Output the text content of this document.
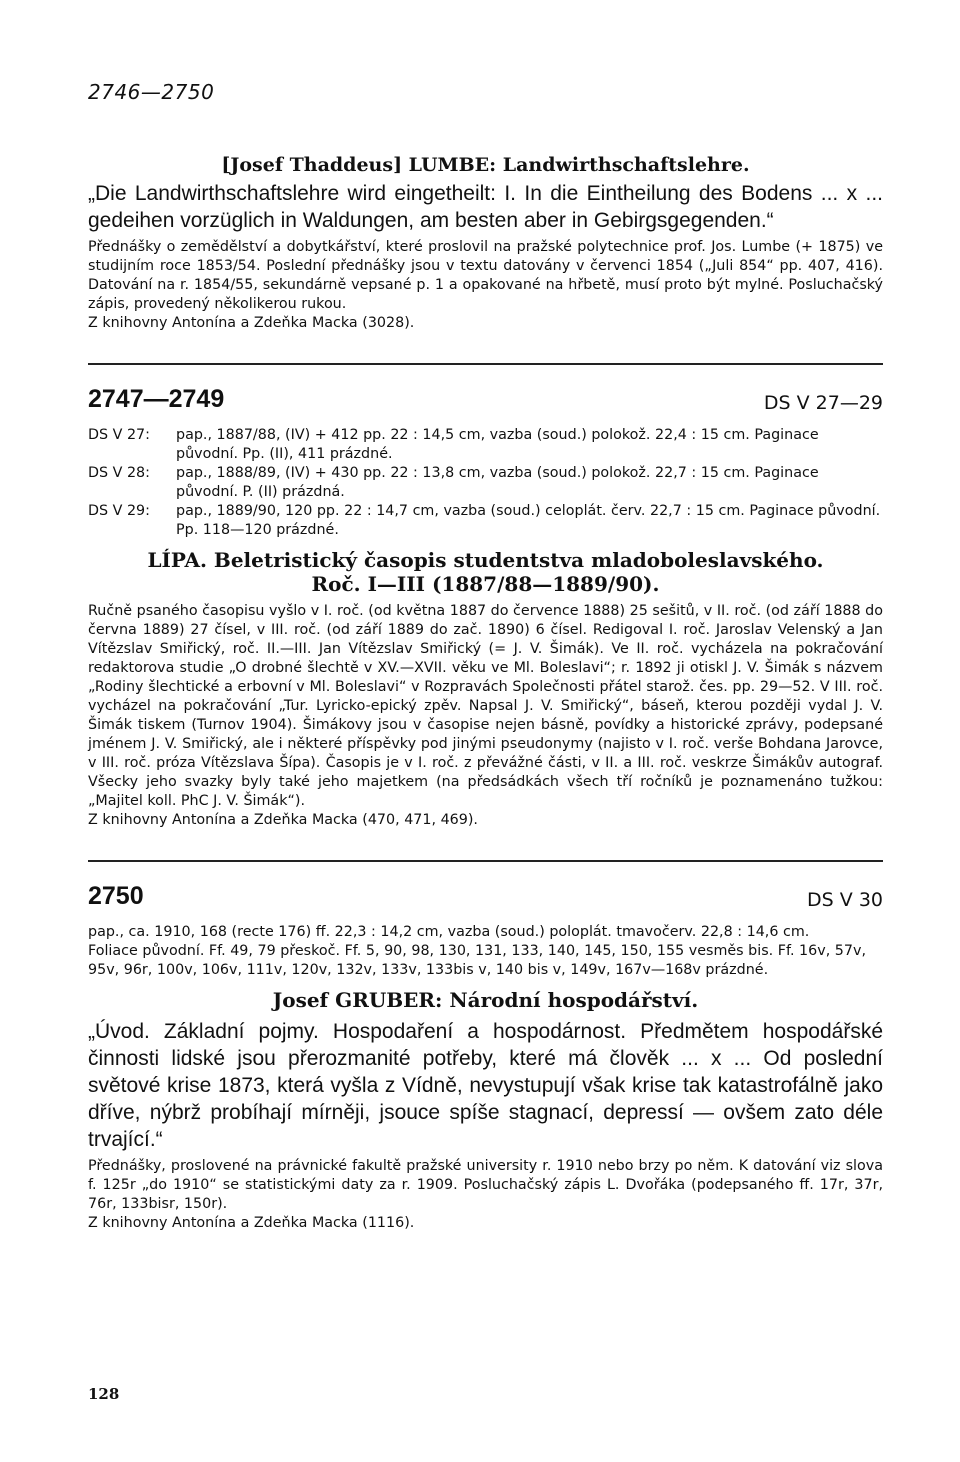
2746—2750

[Josef Thaddeus] LUMBE: Landwirthschaftslehre.

„Die Landwirthschaftslehre wird eingetheilt: I. In die Eintheilung des Bodens ... x ... gedeihen vorzüglich in Waldungen, am besten aber in Gebirgsgegenden.“

Přednášky o zemědělství a dobytkářství, které proslovil na pražské polytechnice prof. Jos. Lumbe (+ 1875) ve studijním roce 1853/54. Poslední přednášky jsou v textu datovány v červenci 1854 („Juli 854“ pp. 407, 416). Datování na r. 1854/55, sekundárně vepsané p. 1 a opakované na hřbetě, musí proto být mylné. Posluchačský zápis, provedený několikerou rukou.

Z knihovny Antonína a Zdeňka Macka (3028).

2747—2749	DS V 27—29
DS V 27:	pap., 1887/88, (IV) + 412 pp. 22 : 14,5 cm, vazba (soud.) polokož. 22,4 : 15 cm. Paginace původní. Pp. (II), 411 prázdné.
DS V 28:	pap., 1888/89, (IV) + 430 pp. 22 : 13,8 cm, vazba (soud.) polokož. 22,7 : 15 cm. Paginace původní. P. (II) prázdná.
DS V 29:	pap., 1889/90, 120 pp. 22 : 14,7 cm, vazba (soud.) celoplát. červ. 22,7 : 15 cm. Paginace původní. Pp. 118—120 prázdné.
LÍPA. Beletristický časopis studentstva mladoboleslavského.
Roč. I—III (1887/88—1889/90).

Ručně psaného časopisu vyšlo v I. roč. (od května 1887 do července 1888) 25 sešitů, v II. roč. (od září 1888 do června 1889) 27 čísel, v III. roč. (od září 1889 do zač. 1890) 6 čísel. Redigoval I. roč. Jaroslav Velenský a Jan Vítězslav Smiřický, roč. II.—III. Jan Vítězslav Smiřický (= J. V. Šimák). Ve II. roč. vycházela na pokračování redaktorova studie „O drobné šlechtě v XV.—XVII. věku ve Ml. Boleslavi“; r. 1892 ji otiskl J. V. Šimák s názvem „Rodiny šlechtické a erbovní v Ml. Boleslavi“ v Rozpravách Společnosti přátel starož. čes. pp. 29—52. V III. roč. vycházel na pokračování „Tur. Lyricko-epický zpěv. Napsal J. V. Smiřický“, báseň, kterou později vydal J. V. Šimák tiskem (Turnov 1904). Šimákovy jsou v časopise nejen básně, povídky a historické zprávy, podepsané jménem J. V. Smiřický, ale i některé příspěvky pod jinými pseudonymy (najisto v I. roč. verše Bohdana Jarovce, v III. roč. próza Vítězslava Šípa). Časopis je v I. roč. z převážné části, v II. a III. roč. veskrze Šimákův autograf. Všecky jeho svazky byly také jeho majetkem (na předsádkách všech tří ročníků je poznamenáno tužkou: „Majitel koll. PhC J. V. Šimák“).

Z knihovny Antonína a Zdeňka Macka (470, 471, 469).

2750	DS V 30

pap., ca. 1910, 168 (recte 176) ff. 22,3 : 14,2 cm, vazba (soud.) poloplát. tmavočerv. 22,8 : 14,6 cm.

Foliace původní. Ff. 49, 79 přeskoč. Ff. 5, 90, 98, 130, 131, 133, 140, 145, 150, 155 vesměs bis. Ff. 16v, 57v, 95v, 96r, 100v, 106v, 111v, 120v, 132v, 133v, 133bis v, 140 bis v, 149v, 167v—168v prázdné.

Josef GRUBER: Národní hospodářství.

„Úvod. Základní pojmy. Hospodaření a hospodárnost. Předmětem hospodářské činnosti lidské jsou přerozmanité potřeby, které má člověk ... x ... Od poslední světové krise 1873, která vyšla z Vídně, nevystupují však krise tak katastrofálně jako dříve, nýbrž probíhají mírněji, jsouce spíše stagnací, depressí — ovšem zato déle trvající.“

Přednášky, proslovené na právnické fakultě pražské university r. 1910 nebo brzy po něm. K datování viz slova f. 125r „do 1910“ se statistickými daty za r. 1909. Posluchačský zápis L. Dvořáka (podepsaného ff. 17r, 37r, 76r, 133bisr, 150r).

Z knihovny Antonína a Zdeňka Macka (1116).

128
